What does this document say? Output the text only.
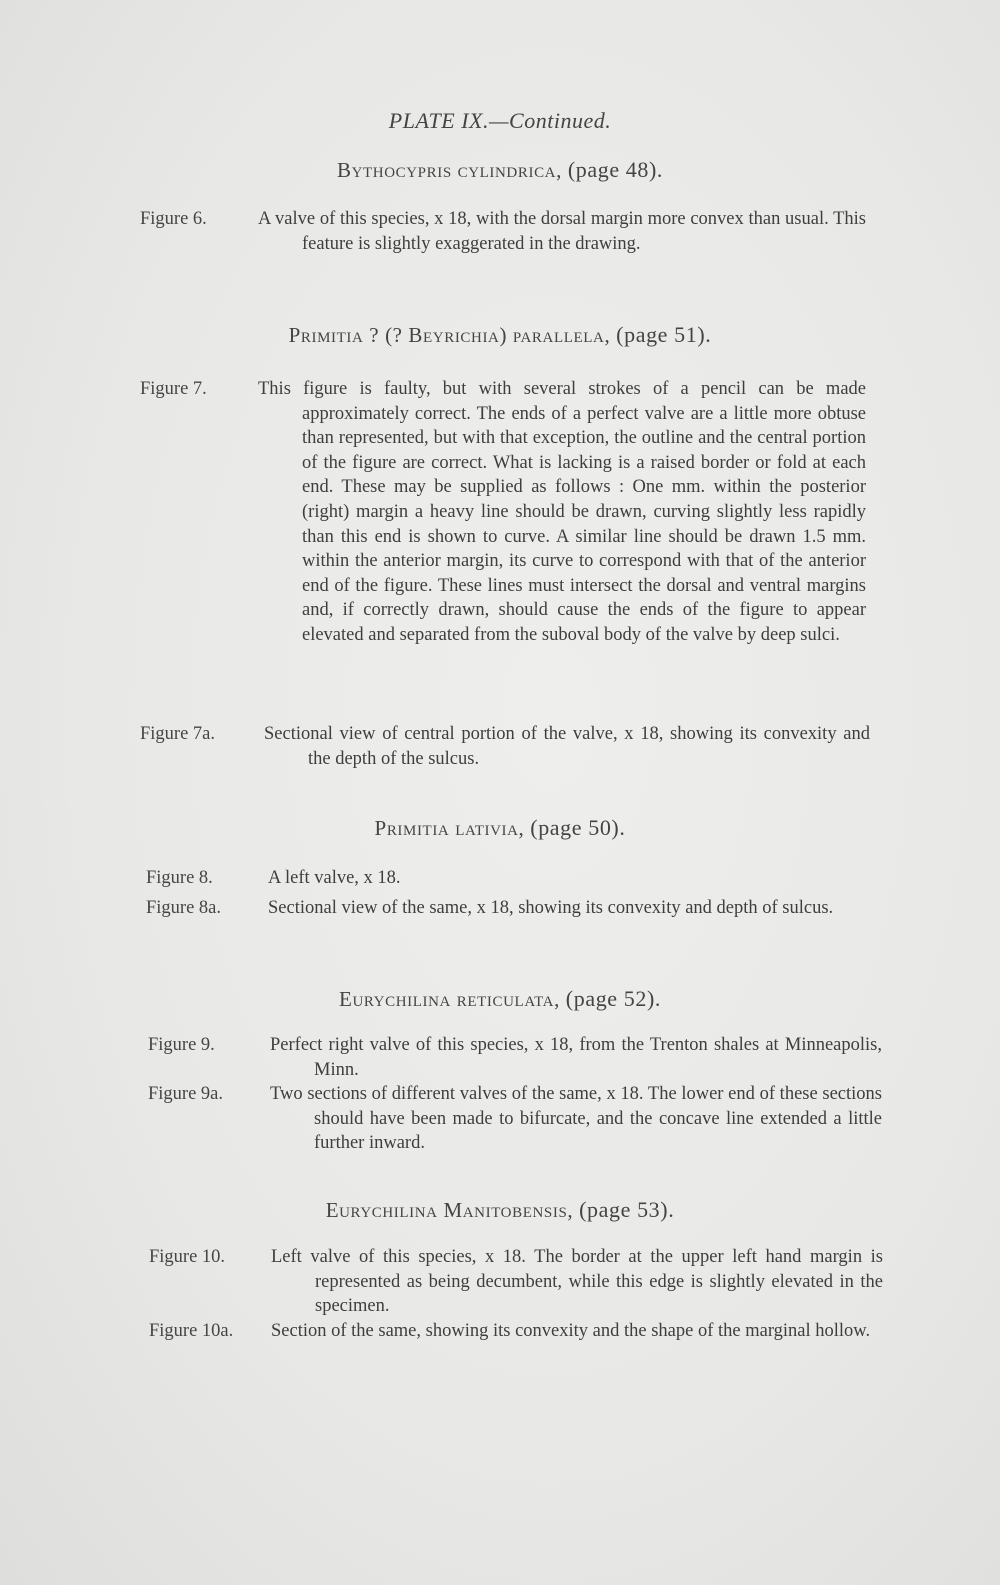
PLATE IX.—Continued.
Bythocypris cylindrica, (page 48).
Figure 6.	A valve of this species, x 18, with the dorsal margin more convex than usual. This feature is slightly exaggerated in the drawing.
Primitia ? (? Beyrichia) parallela, (page 51).
Figure 7.	This figure is faulty, but with several strokes of a pencil can be made approximately correct. The ends of a perfect valve are a little more obtuse than represented, but with that exception, the outline and the central portion of the figure are correct. What is lacking is a raised border or fold at each end. These may be supplied as follows : One mm. within the posterior (right) margin a heavy line should be drawn, curving slightly less rapidly than this end is shown to curve. A similar line should be drawn 1.5 mm. within the anterior margin, its curve to correspond with that of the anterior end of the figure. These lines must intersect the dorsal and ventral margins and, if correctly drawn, should cause the ends of the figure to appear elevated and separated from the suboval body of the valve by deep sulci.
Figure 7a.	Sectional view of central portion of the valve, x 18, showing its convexity and the depth of the sulcus.
Primitia lativia, (page 50).
Figure 8.	A left valve, x 18.
Figure 8a.	Sectional view of the same, x 18, showing its convexity and depth of sulcus.
Eurychilina reticulata, (page 52).
Figure 9.	Perfect right valve of this species, x 18, from the Trenton shales at Minneapolis, Minn.
Figure 9a.	Two sections of different valves of the same, x 18. The lower end of these sections should have been made to bifurcate, and the concave line extended a little further inward.
Eurychilina Manitobensis, (page 53).
Figure 10. Left valve of this species, x 18. The border at the upper left hand margin is represented as being decumbent, while this edge is slightly elevated in the specimen.
Figure 10a. Section of the same, showing its convexity and the shape of the marginal hollow.
